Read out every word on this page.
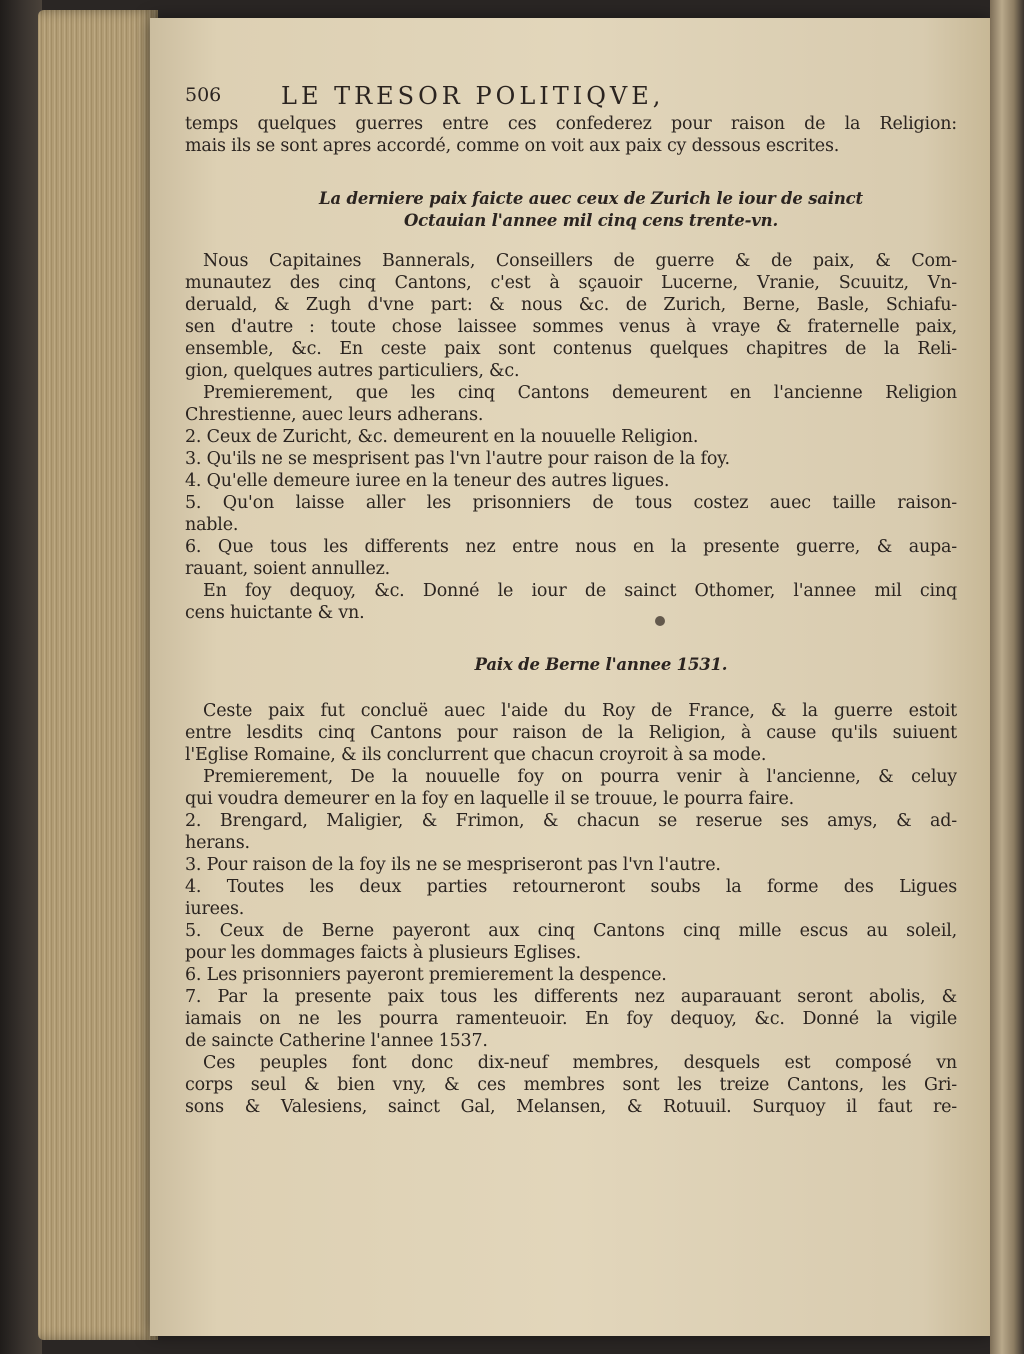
506 LE TRESOR POLITIQVE,

temps quelques guerres entre ces confederez pour raison de la Religion:

mais ils se sont apres accordé, comme on voit aux paix cy dessous escrites.

La derniere paix faicte auec ceux de Zurich le iour de sainct

Octauian l'annee mil cinq cens trente-vn.

Nous Capitaines Bannerals, Conseillers de guerre & de paix, & Com-

munautez des cinq Cantons, c'est à sçauoir Lucerne, Vranie, Scuuitz, Vn-

deruald, & Zugh d'vne part: & nous &c. de Zurich, Berne, Basle, Schiafu-

sen d'autre : toute chose laissee sommes venus à vraye & fraternelle paix,

ensemble, &c. En ceste paix sont contenus quelques chapitres de la Reli-

gion, quelques autres particuliers, &c.

Premierement, que les cinq Cantons demeurent en l'ancienne Religion

Chrestienne, auec leurs adherans.

2. Ceux de Zuricht, &c. demeurent en la nouuelle Religion.

3. Qu'ils ne se mesprisent pas l'vn l'autre pour raison de la foy.

4. Qu'elle demeure iuree en la teneur des autres ligues.

5. Qu'on laisse aller les prisonniers de tous costez auec taille raison-

nable.

6. Que tous les differents nez entre nous en la presente guerre, & aupa-

rauant, soient annullez.

En foy dequoy, &c. Donné le iour de sainct Othomer, l'annee mil cinq

cens huictante & vn.

Paix de Berne l'annee 1531.

Ceste paix fut concluë auec l'aide du Roy de France, & la guerre estoit

entre lesdits cinq Cantons pour raison de la Religion, à cause qu'ils suiuent

l'Eglise Romaine, & ils conclurrent que chacun croyroit à sa mode.

Premierement, De la nouuelle foy on pourra venir à l'ancienne, & celuy

qui voudra demeurer en la foy en laquelle il se trouue, le pourra faire.

2. Brengard, Maligier, & Frimon, & chacun se reserue ses amys, & ad-

herans.

3. Pour raison de la foy ils ne se mespriseront pas l'vn l'autre.

4. Toutes les deux parties retourneront soubs la forme des Ligues

iurees.

5. Ceux de Berne payeront aux cinq Cantons cinq mille escus au soleil,

pour les dommages faicts à plusieurs Eglises.

6. Les prisonniers payeront premierement la despence.

7. Par la presente paix tous les differents nez auparauant seront abolis, &

iamais on ne les pourra ramenteuoir. En foy dequoy, &c. Donné la vigile

de saincte Catherine l'annee 1537.

Ces peuples font donc dix-neuf membres, desquels est composé vn

corps seul & bien vny, & ces membres sont les treize Cantons, les Gri-

sons & Valesiens, sainct Gal, Melansen, & Rotuuil. Surquoy il faut re-
